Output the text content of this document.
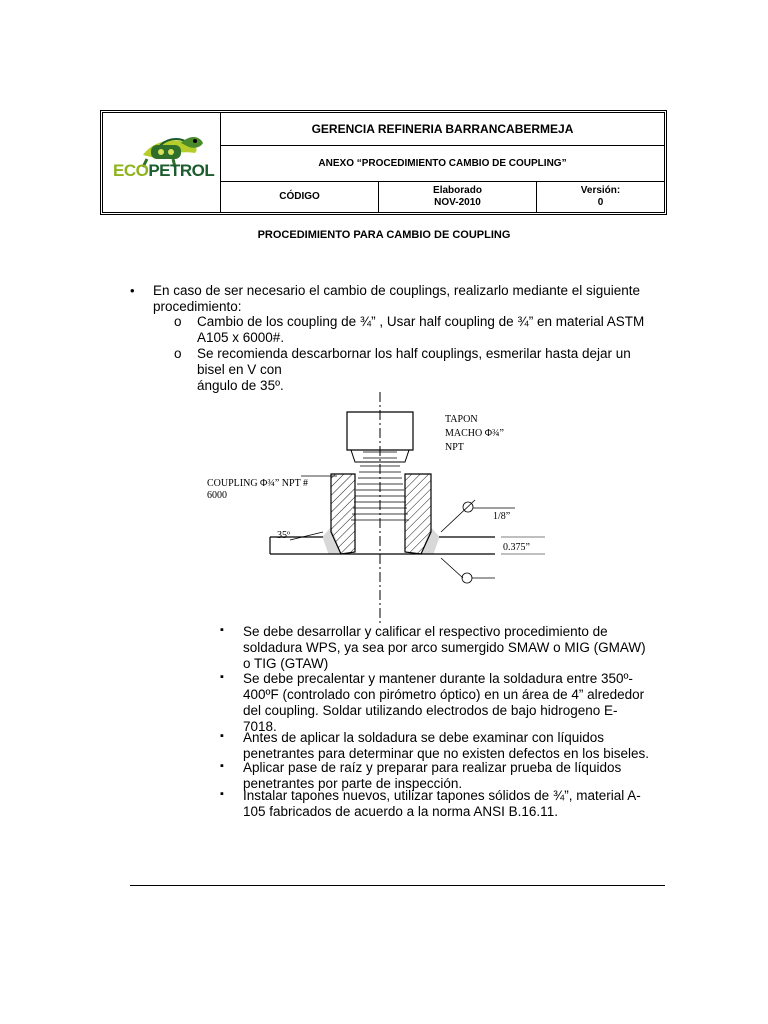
ECOPETROL
GERENCIA REFINERIA BARRANCABERMEJA
ANEXO “PROCEDIMIENTO CAMBIO DE COUPLING”
CÓDIGO
Elaborado
NOV-2010
Versión:
0
PROCEDIMIENTO PARA CAMBIO DE COUPLING
• En caso de ser necesario el cambio de couplings, realizarlo mediante el siguiente
procedimiento:
o Cambio de los coupling de ¾” , Usar half coupling de ¾” en material ASTM
A105 x 6000#.
o Se recomienda descarbornar los half couplings, esmerilar hasta dejar un
bisel en V con
ángulo de 35º.
35º
1/8”
0.375”
TAPON
MACHO Φ¾”
NPT
COUPLING Φ¾” NPT #
6000
▪ Se debe desarrollar y calificar el respectivo procedimiento de
soldadura WPS, ya sea por arco sumergido SMAW o MIG (GMAW)
o TIG (GTAW)
▪ Se debe precalentar y mantener durante la soldadura entre 350º-
400ºF (controlado con pirómetro óptico) en un área de 4” alrededor
del coupling. Soldar utilizando electrodos de bajo hidrogeno E-
7018.
▪ Antes de aplicar la soldadura se debe examinar con líquidos
penetrantes para determinar que no existen defectos en los biseles.
▪ Aplicar pase de raíz y preparar para realizar prueba de líquidos
penetrantes por parte de inspección.
▪ Instalar tapones nuevos, utilizar tapones sólidos de ¾”, material A-
105 fabricados de acuerdo a la norma ANSI B.16.11.
